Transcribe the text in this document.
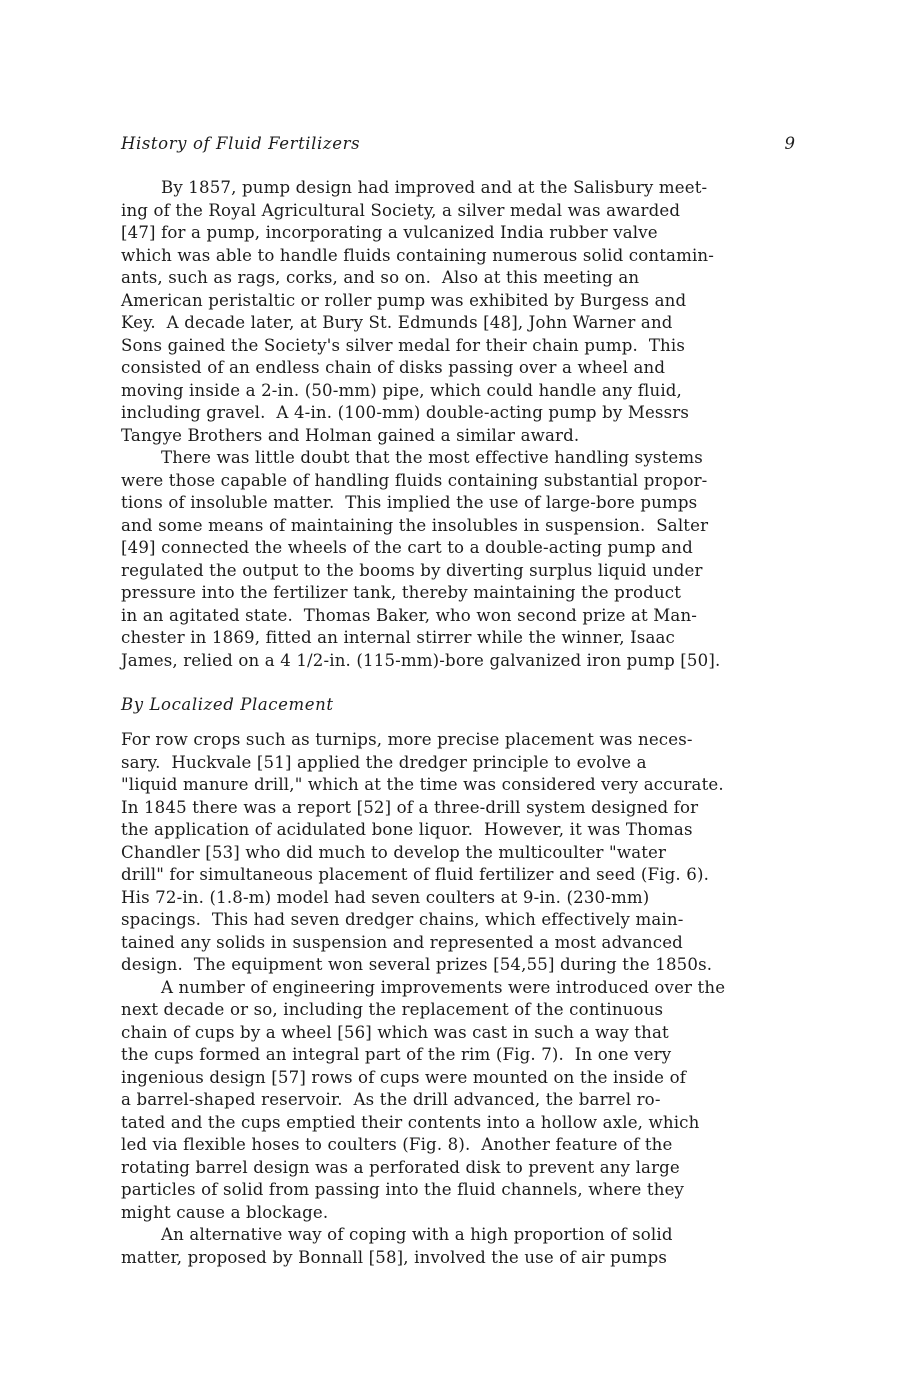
History of Fluid Fertilizers	9
By 1857, pump design had improved and at the Salisbury meet-
ing of the Royal Agricultural Society, a silver medal was awarded
[47] for a pump, incorporating a vulcanized India rubber valve
which was able to handle fluids containing numerous solid contamin-
ants, such as rags, corks, and so on.  Also at this meeting an
American peristaltic or roller pump was exhibited by Burgess and
Key.  A decade later, at Bury St. Edmunds [48], John Warner and
Sons gained the Society's silver medal for their chain pump.  This
consisted of an endless chain of disks passing over a wheel and
moving inside a 2-in. (50-mm) pipe, which could handle any fluid,
including gravel.  A 4-in. (100-mm) double-acting pump by Messrs
Tangye Brothers and Holman gained a similar award.
There was little doubt that the most effective handling systems
were those capable of handling fluids containing substantial propor-
tions of insoluble matter.  This implied the use of large-bore pumps
and some means of maintaining the insolubles in suspension.  Salter
[49] connected the wheels of the cart to a double-acting pump and
regulated the output to the booms by diverting surplus liquid under
pressure into the fertilizer tank, thereby maintaining the product
in an agitated state.  Thomas Baker, who won second prize at Man-
chester in 1869, fitted an internal stirrer while the winner, Isaac
James, relied on a 4 1/2-in. (115-mm)-bore galvanized iron pump [50].
By Localized Placement
For row crops such as turnips, more precise placement was neces-
sary.  Huckvale [51] applied the dredger principle to evolve a
"liquid manure drill," which at the time was considered very accurate.
In 1845 there was a report [52] of a three-drill system designed for
the application of acidulated bone liquor.  However, it was Thomas
Chandler [53] who did much to develop the multicoulter "water
drill" for simultaneous placement of fluid fertilizer and seed (Fig. 6).
His 72-in. (1.8-m) model had seven coulters at 9-in. (230-mm)
spacings.  This had seven dredger chains, which effectively main-
tained any solids in suspension and represented a most advanced
design.  The equipment won several prizes [54,55] during the 1850s.
A number of engineering improvements were introduced over the
next decade or so, including the replacement of the continuous
chain of cups by a wheel [56] which was cast in such a way that
the cups formed an integral part of the rim (Fig. 7).  In one very
ingenious design [57] rows of cups were mounted on the inside of
a barrel-shaped reservoir.  As the drill advanced, the barrel ro-
tated and the cups emptied their contents into a hollow axle, which
led via flexible hoses to coulters (Fig. 8).  Another feature of the
rotating barrel design was a perforated disk to prevent any large
particles of solid from passing into the fluid channels, where they
might cause a blockage.
An alternative way of coping with a high proportion of solid
matter, proposed by Bonnall [58], involved the use of air pumps
